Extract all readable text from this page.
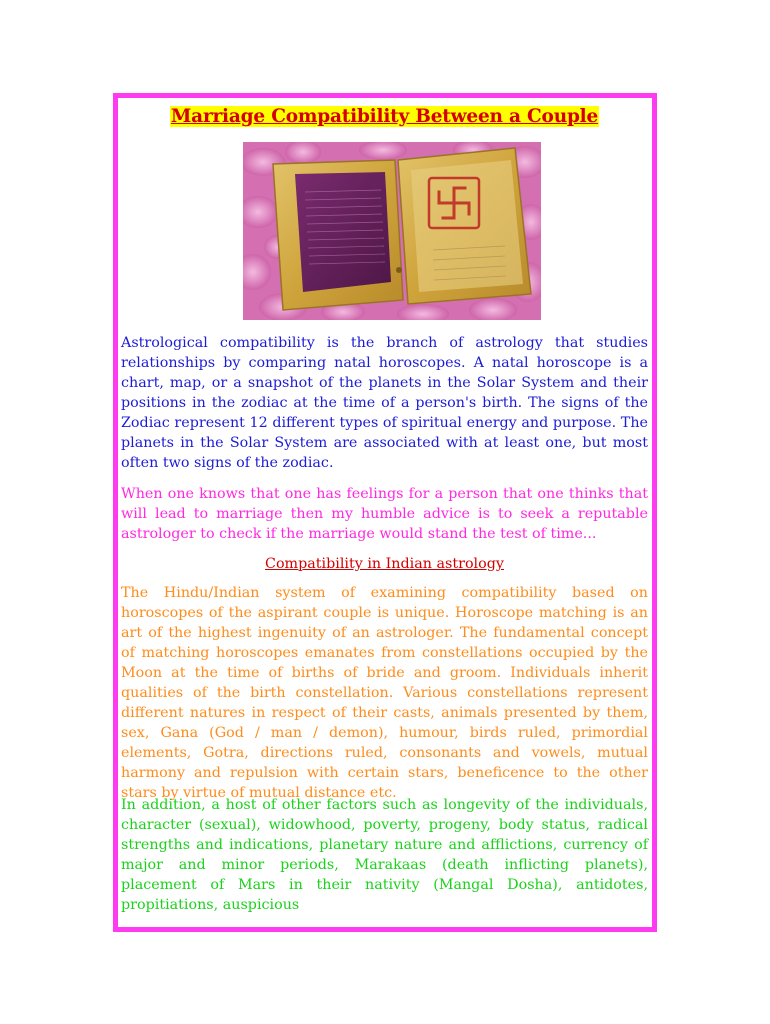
Marriage Compatibility Between a Couple

Astrological compatibility is the branch of astrology that studies relationships by comparing natal horoscopes. A natal horoscope is a chart, map, or a snapshot of the planets in the Solar System and their positions in the zodiac at the time of a person's birth. The signs of the Zodiac represent 12 different types of spiritual energy and purpose. The planets in the Solar System are associated with at least one, but most often two signs of the zodiac.

When one knows that one has feelings for a person that one thinks that will lead to marriage then my humble advice is to seek a reputable astrologer to check if the marriage would stand the test of time...

Compatibility in Indian astrology

The Hindu/Indian system of examining compatibility based on horoscopes of the aspirant couple is unique. Horoscope matching is an art of the highest ingenuity of an astrologer. The fundamental concept of matching horoscopes emanates from constellations occupied by the Moon at the time of births of bride and groom. Individuals inherit qualities of the birth constellation. Various constellations represent different natures in respect of their casts, animals presented by them, sex, Gana (God / man / demon), humour, birds ruled, primordial elements, Gotra, directions ruled, consonants and vowels, mutual harmony and repulsion with certain stars, beneficence to the other stars by virtue of mutual distance etc.

In addition, a host of other factors such as longevity of the individuals, character (sexual), widowhood, poverty, progeny, body status, radical strengths and indications, planetary nature and afflictions, currency of major and minor periods, Marakaas (death inflicting planets), placement of Mars in their nativity (Mangal Dosha), antidotes, propitiations, auspicious
